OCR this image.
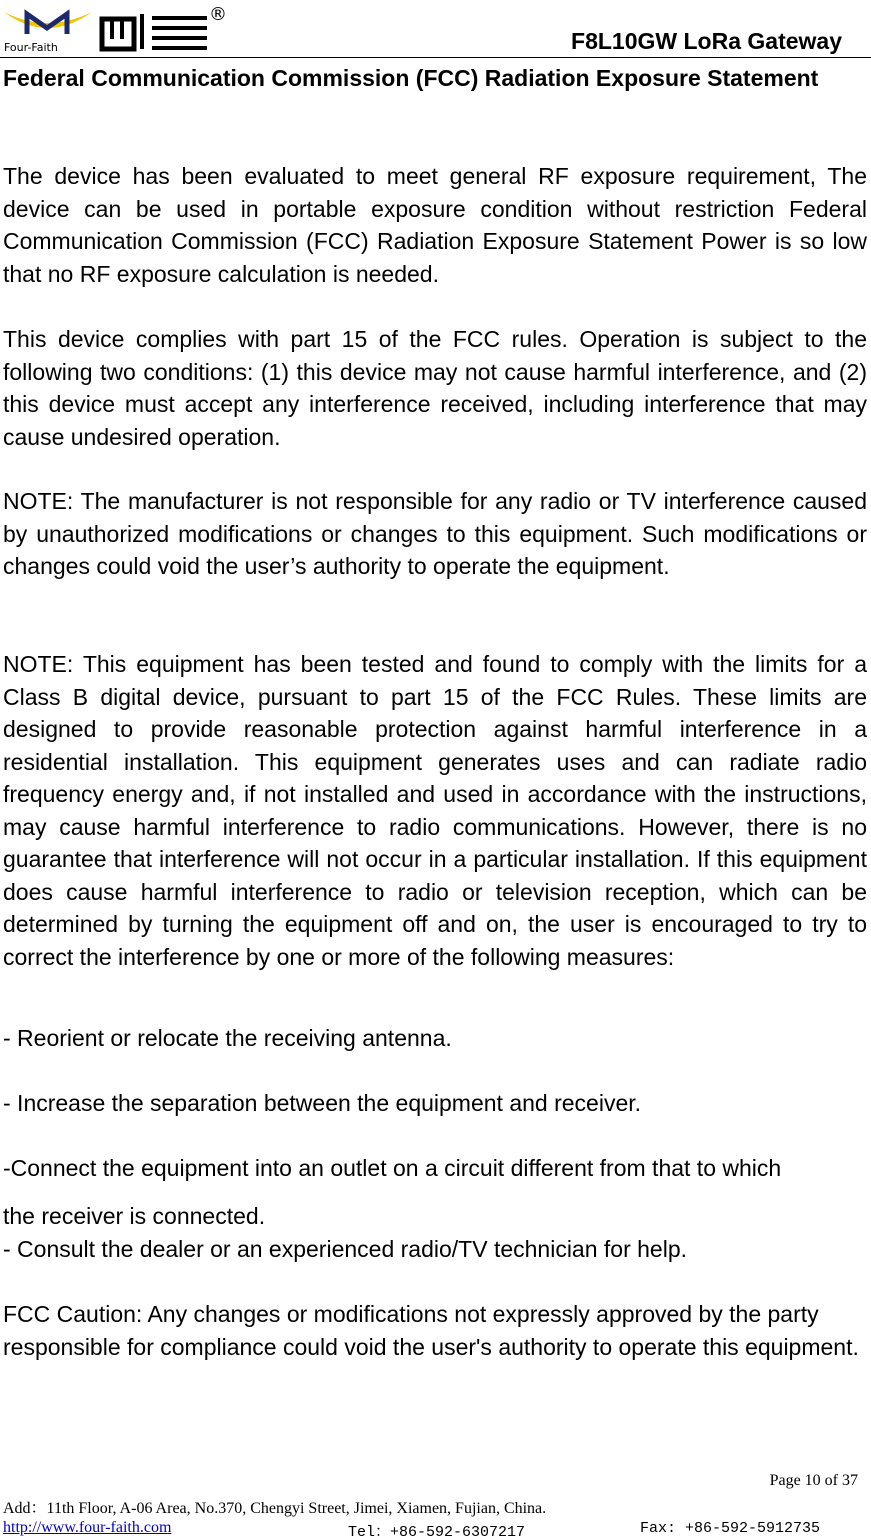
Four-Faith
®
F8L10GW LoRa Gateway
Federal Communication Commission (FCC) Radiation Exposure Statement
The device has been evaluated to meet general RF exposure requirement, The device can be used in portable exposure condition without restriction Federal Communication Commission (FCC) Radiation Exposure Statement Power is so low that no RF exposure calculation is needed.
This device complies with part 15 of the FCC rules. Operation is subject to the following two conditions: (1) this device may not cause harmful interference, and (2) this device must accept any interference received, including interference that may cause undesired operation.
NOTE: The manufacturer is not responsible for any radio or TV interference caused by unauthorized modifications or changes to this equipment. Such modifications or changes could void the user’s authority to operate the equipment.
NOTE: This equipment has been tested and found to comply with the limits for a Class B digital device, pursuant to part 15 of the FCC Rules. These limits are designed to provide reasonable protection against harmful interference in a residential installation. This equipment generates uses and can radiate radio frequency energy and, if not installed and used in accordance with the instructions, may cause harmful interference to radio communications. However, there is no guarantee that interference will not occur in a particular installation. If this equipment does cause harmful interference to radio or television reception, which can be determined by turning the equipment off and on, the user is encouraged to try to correct the interference by one or more of the following measures:
- Reorient or relocate the receiving antenna.
- Increase the separation between the equipment and receiver.
-Connect the equipment into an outlet on a circuit different from that to which
the receiver is connected.
- Consult the dealer or an experienced radio/TV technician for help.
FCC Caution: Any changes or modifications not expressly approved by the party responsible for compliance could void the user's authority to operate this equipment.
Page 10 of 37
Add：11th Floor, A-06 Area, No.370, Chengyi Street, Jimei, Xiamen, Fujian, China.
http://www.four-faith.com	Tel：+86-592-6307217	Fax: +86-592-5912735
